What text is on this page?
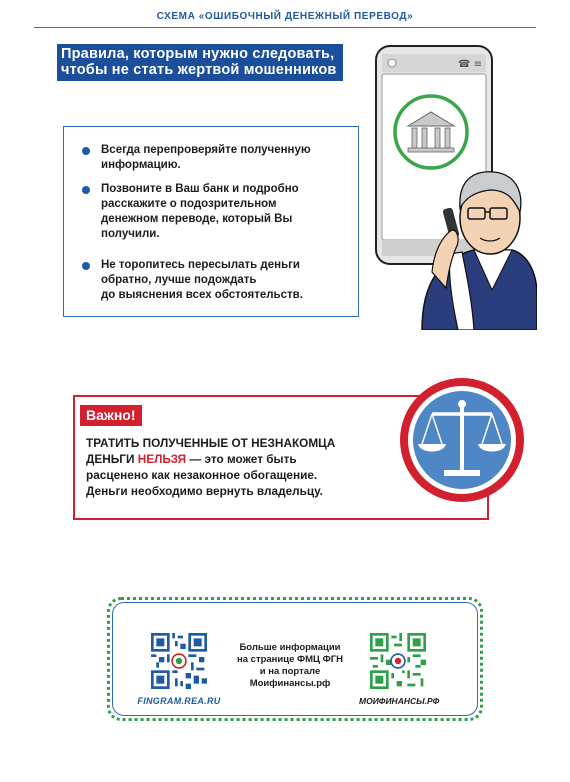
СХЕМА «ОШИБОЧНЫЙ ДЕНЕЖНЫЙ ПЕРЕВОД»
Правила, которым нужно следовать,
чтобы не стать жертвой мошенников
Всегда перепроверяйте полученную
информацию.
Позвоните в Ваш банк и подробно
расскажите о подозрительном
денежном переводе, который Вы
получили.
Не торопитесь пересылать деньги
обратно, лучше подождать
до выяснения всех обстоятельств.
☎ ≡
Важно!
ТРАТИТЬ ПОЛУЧЕННЫЕ ОТ НЕЗНАКОМЦА
ДЕНЬГИ НЕЛЬЗЯ — это может быть
расценено как незаконное обогащение.
Деньги необходимо вернуть владельцу.
FINGRAM.REA.RU
Больше информации
на странице ФМЦ ФГН
и на портале
Моифинансы.рф
МОИФИНАНСЫ.РФ
